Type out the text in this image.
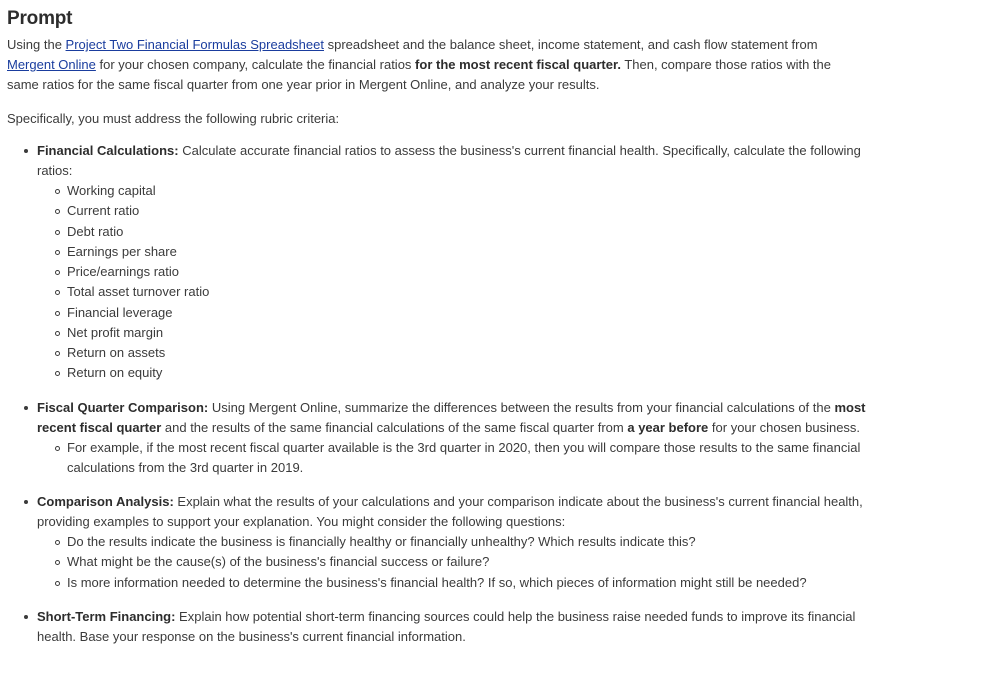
Prompt

Using the Project Two Financial Formulas Spreadsheet spreadsheet and the balance sheet, income statement, and cash flow statement from Mergent Online for your chosen company, calculate the financial ratios for the most recent fiscal quarter. Then, compare those ratios with the same ratios for the same fiscal quarter from one year prior in Mergent Online, and analyze your results.

Specifically, you must address the following rubric criteria:

Financial Calculations: Calculate accurate financial ratios to assess the business's current financial health. Specifically, calculate the following ratios:
Working capital
Current ratio
Debt ratio
Earnings per share
Price/earnings ratio
Total asset turnover ratio
Financial leverage
Net profit margin
Return on assets
Return on equity
Fiscal Quarter Comparison: Using Mergent Online, summarize the differences between the results from your financial calculations of the most recent fiscal quarter and the results of the same financial calculations of the same fiscal quarter from a year before for your chosen business.
For example, if the most recent fiscal quarter available is the 3rd quarter in 2020, then you will compare those results to the same financial calculations from the 3rd quarter in 2019.
Comparison Analysis: Explain what the results of your calculations and your comparison indicate about the business's current financial health, providing examples to support your explanation. You might consider the following questions:
Do the results indicate the business is financially healthy or financially unhealthy? Which results indicate this?
What might be the cause(s) of the business's financial success or failure?
Is more information needed to determine the business's financial health? If so, which pieces of information might still be needed?
Short-Term Financing: Explain how potential short-term financing sources could help the business raise needed funds to improve its financial health. Base your response on the business's current financial information.
